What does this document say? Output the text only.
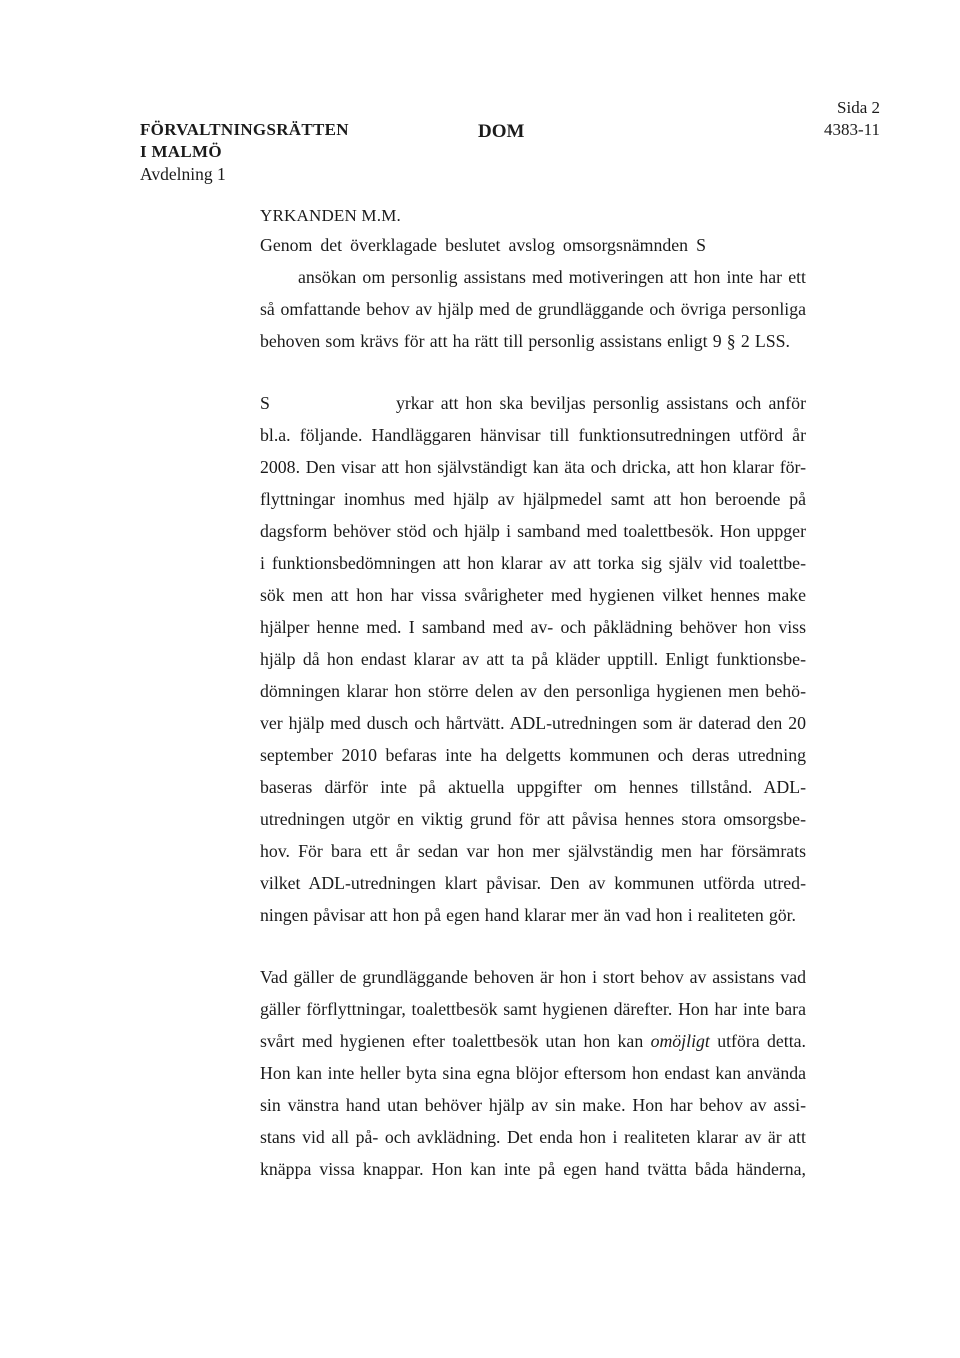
FÖRVALTNINGSRÄTTEN
I MALMÖ
Avdelning 1
DOM
Sida 2
4383-11
YRKANDEN M.M.
Genom det överklagade beslutet avslog omsorgsnämnden S
ansökan om personlig assistans med motiveringen att hon inte har ett
så omfattande behov av hjälp med de grundläggande och övriga personliga
behoven som krävs för att ha rätt till personlig assistans enligt 9 § 2 LSS.
S	yrkar att hon ska beviljas personlig assistans och anför
bl.a. följande. Handläggaren hänvisar till funktionsutredningen utförd år
2008. Den visar att hon självständigt kan äta och dricka, att hon klarar för-
flyttningar inomhus med hjälp av hjälpmedel samt att hon beroende på
dagsform behöver stöd och hjälp i samband med toalettbesök. Hon uppger
i funktionsbedömningen att hon klarar av att torka sig själv vid toalettbe-
sök men att hon har vissa svårigheter med hygienen vilket hennes make
hjälper henne med. I samband med av- och påklädning behöver hon viss
hjälp då hon endast klarar av att ta på kläder upptill. Enligt funktionsbe-
dömningen klarar hon större delen av den personliga hygienen men behö-
ver hjälp med dusch och hårtvätt. ADL-utredningen som är daterad den 20
september 2010 befaras inte ha delgetts kommunen och deras utredning
baseras därför inte på aktuella uppgifter om hennes tillstånd. ADL-
utredningen utgör en viktig grund för att påvisa hennes stora omsorgsbe-
hov. För bara ett år sedan var hon mer självständig men har försämrats
vilket ADL-utredningen klart påvisar. Den av kommunen utförda utred-
ningen påvisar att hon på egen hand klarar mer än vad hon i realiteten gör.
Vad gäller de grundläggande behoven är hon i stort behov av assistans vad
gäller förflyttningar, toalettbesök samt hygienen därefter. Hon har inte bara
svårt med hygienen efter toalettbesök utan hon kan omöjligt utföra detta.
Hon kan inte heller byta sina egna blöjor eftersom hon endast kan använda
sin vänstra hand utan behöver hjälp av sin make. Hon har behov av assi-
stans vid all på- och avklädning. Det enda hon i realiteten klarar av är att
knäppa vissa knappar. Hon kan inte på egen hand tvätta båda händerna,
